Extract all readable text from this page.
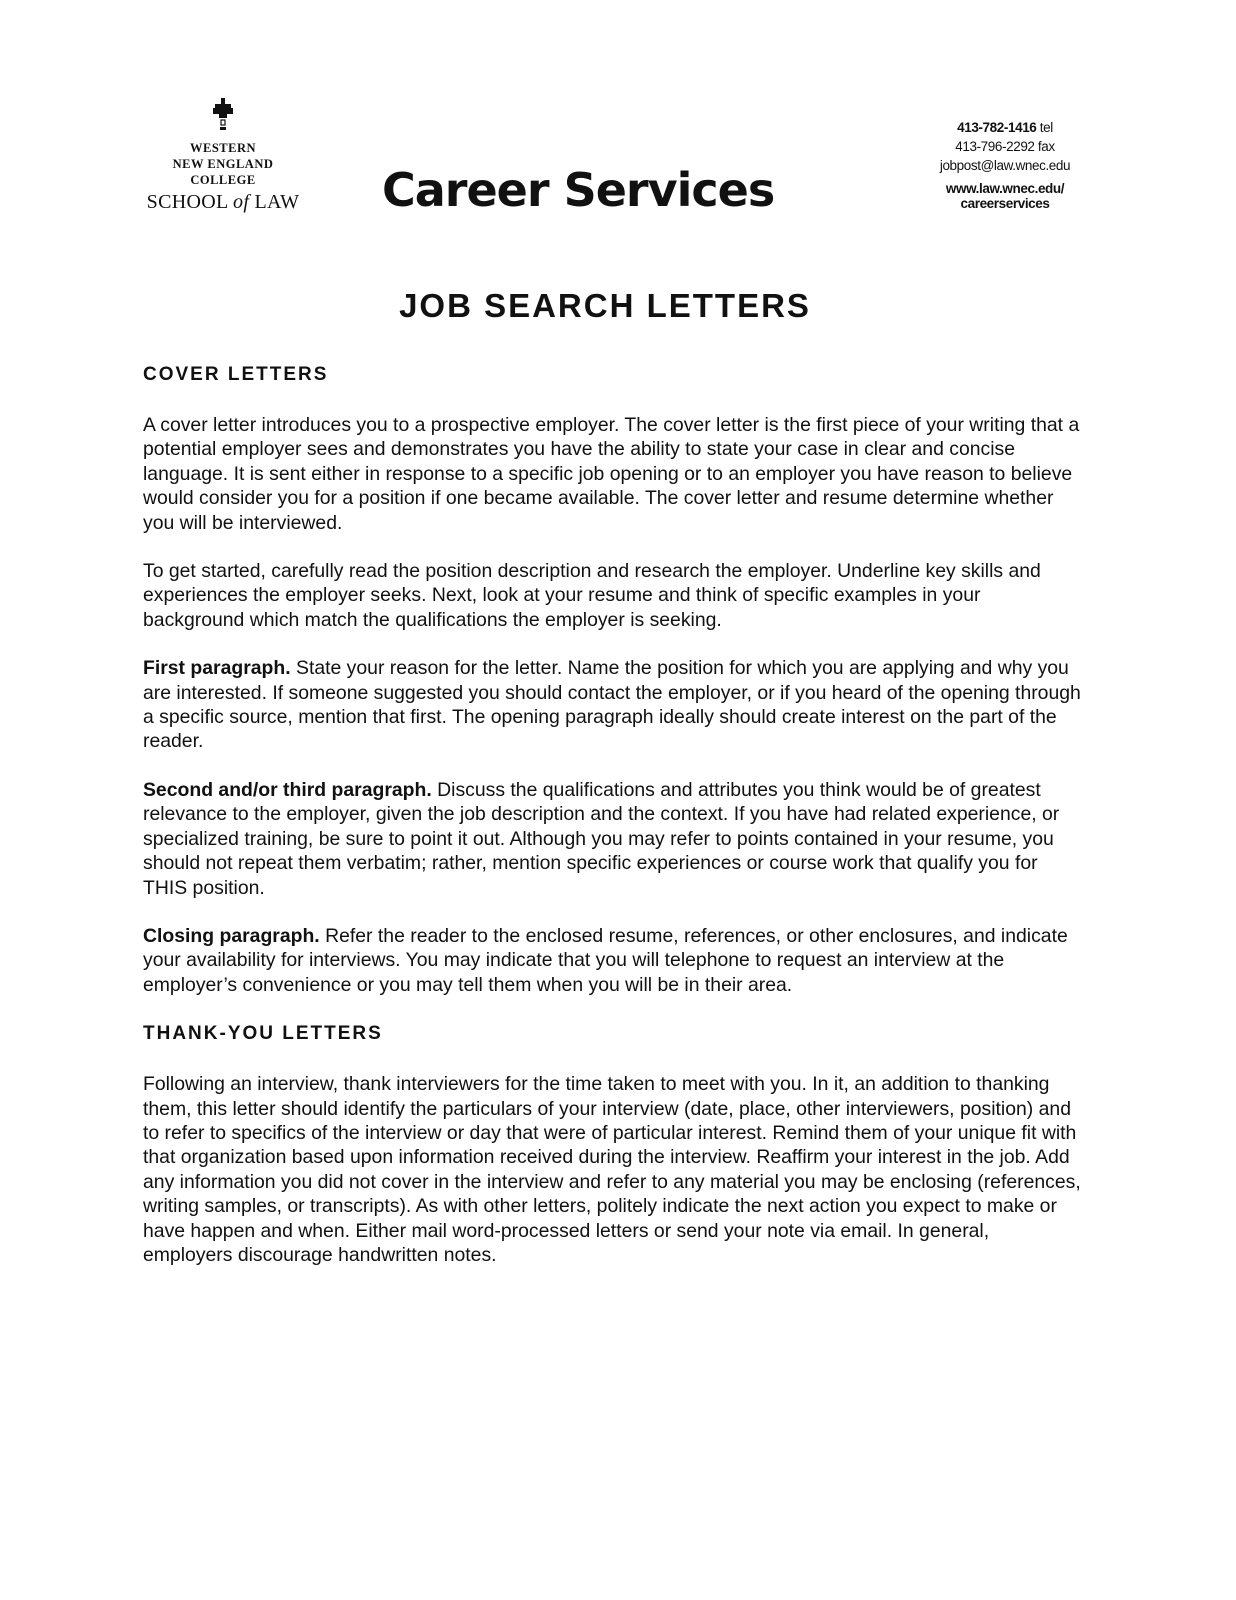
WESTERN
NEW ENGLAND
COLLEGE
SCHOOL of LAW Career Services
413-782-1416 tel
413-796-2292 fax
jobpost@law.wnec.edu
www.law.wnec.edu/
careerservices
JOB SEARCH LETTERS
COVER LETTERS

A cover letter introduces you to a prospective employer. The cover letter is the first piece of your writing that a potential employer sees and demonstrates you have the ability to state your case in clear and concise language. It is sent either in response to a specific job opening or to an employer you have reason to believe would consider you for a position if one became available. The cover letter and resume determine whether you will be interviewed.

To get started, carefully read the position description and research the employer. Underline key skills and experiences the employer seeks. Next, look at your resume and think of specific examples in your background which match the qualifications the employer is seeking.

First paragraph. State your reason for the letter. Name the position for which you are applying and why you are interested. If someone suggested you should contact the employer, or if you heard of the opening through a specific source, mention that first. The opening paragraph ideally should create interest on the part of the reader.

Second and/or third paragraph. Discuss the qualifications and attributes you think would be of greatest relevance to the employer, given the job description and the context. If you have had related experience, or specialized training, be sure to point it out. Although you may refer to points contained in your resume, you should not repeat them verbatim; rather, mention specific experiences or course work that qualify you for THIS position.

Closing paragraph. Refer the reader to the enclosed resume, references, or other enclosures, and indicate your availability for interviews. You may indicate that you will telephone to request an interview at the employer’s convenience or you may tell them when you will be in their area.

THANK-YOU LETTERS

Following an interview, thank interviewers for the time taken to meet with you. In it, an addition to thanking them, this letter should identify the particulars of your interview (date, place, other interviewers, position) and to refer to specifics of the interview or day that were of particular interest. Remind them of your unique fit with that organization based upon information received during the interview. Reaffirm your interest in the job. Add any information you did not cover in the interview and refer to any material you may be enclosing (references, writing samples, or transcripts). As with other letters, politely indicate the next action you expect to make or have happen and when. Either mail word-processed letters or send your note via email. In general, employers discourage handwritten notes.
